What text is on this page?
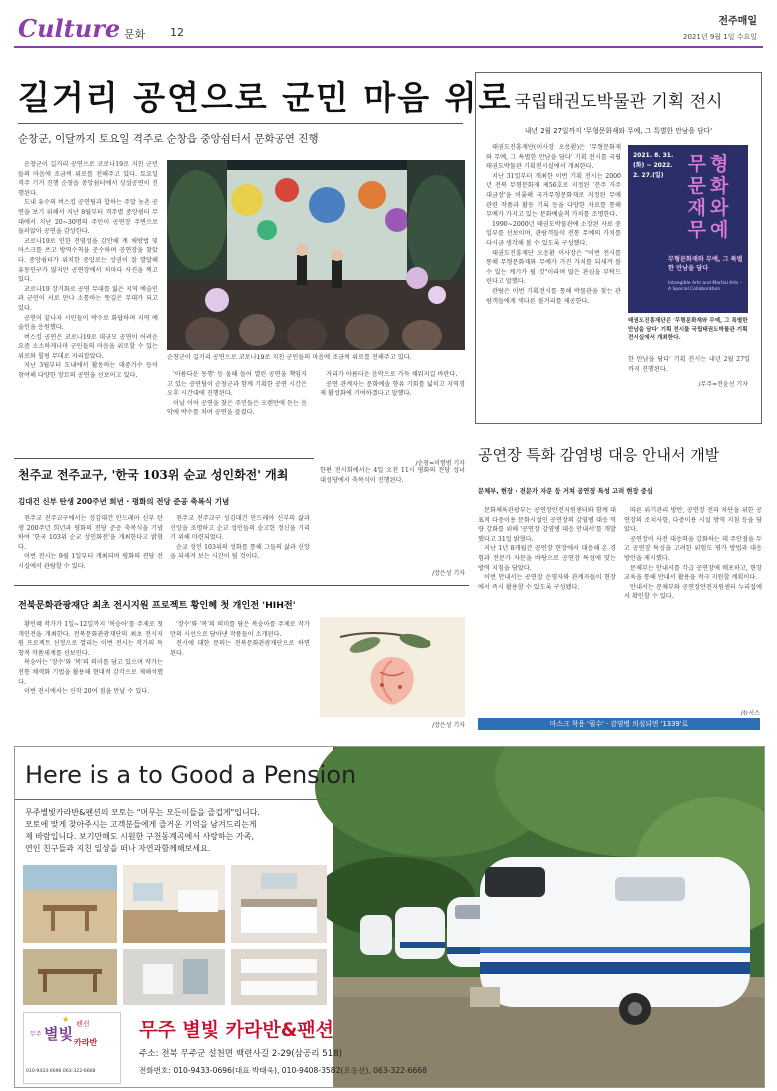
Culture 문화 12
전주매일
2021년 9월 1일 수요일
길거리 공연으로 군민 마음 위로
순창군, 이달까지 토요일 격주로 순창읍 중앙쉼터서 문화공연 진행

순창군이 길거리 공연으로 코로나19로 지친 군민들의 마음에 조금씩 위로를 전해주고 있다. 토요일 격주 기거 진행 순창읍 중앙쉼터에서 상설공연이 진행된다.

도내 유수의 버스킹 공연팀과 합하는 주말 농촌 공연을 보기 위해서 지난 8월부터 격주별 중앙쉼터 무대에서 지난 20~30명의 주민이 공연장 주변으로 둘러앉아 공연을 감상한다.

코로나19로 인한 전염성을 감안해 계 체방법 및 마스크를 쓰고 방역수칙을 준수하며 공연장을 찾았다. 중앙쉼터가 위치한 중앙로는 상권이 잘 발달해 유동인구가 많지만 공연장에서 처마다 사진을 찍고 있다.

코로나19 장기화로 공연 무대를 잃은 지역 예술인과 군민이 서로 만나 소통하는 뜻깊은 무대가 되고 있다.

공연이 끝나자 시민들이 박수로 화답하며 지역 예술인을 응원했다.

버스킹 공연은 코로나19로 대규모 공연이 어려운 요즘 소소하게나마 군민들의 마음을 위로할 수 있는 위로와 힐링 무대로 자리잡았다.

지난 3월부터 도내에서 활동하는 대중가수 등이 참여해 다양한 장르의 공연을 선보이고 있다.

순창군이 길거리 공연으로 코로나19로 지친 군민들의 마음에 조금씩 위로를 전해주고 있다.

'아름다운 동행' 등 올해 들어 열린 공연을 책임지고 있는 공연팀이 순창군과 함께 기획한 공연 시간은 오후 시간대에 진행된다.

이날 이어 공연을 찾은 주민들은 오랜만에 듣는 음악에 박수를 치며 공연을 즐겼다.

거리가 아름다운 음악으로 가득 채워지길 바란다.

공연 관계자는 문화예술 향유 기회를 넓히고 지역경제 활성화에 기여하겠다고 말했다.

/순창=이형범 기자
국립태권도박물관 기획 전시
내년 2월 27일까지 '무형문화재와 무예, 그 특별한 만남을 담다'

태권도진흥재단(이사장 오응환)은 '무형문화재와 무예, 그 특별한 만남을 담다' 기획 전시를 국립태권도박물관 기획전시실에서 개최한다.

지난 31일부터 개최한 이번 기획 전시는 2000년 전북 무형문화재 제56호로 지정된 '전주 거주 대금장'을 비롯해 국가무형문화재로 지정된 무예 관련 작품과 활동 기록 등을 다양한 자료를 통해 무예가 가지고 있는 문화예술적 가치를 조명한다.

1990~2000년 태권도박물관에 소장된 자료 중 일부를 선보이며, 관람객들이 전통 무예의 가치를 다시금 생각해 볼 수 있도록 구성했다.

태권도진흥재단 오응환 이사장은 "이번 전시를 통해 무형문화재와 무예가 가진 가치를 되새겨 볼 수 있는 계기가 될 것"이라며 많은 관심을 부탁드린다고 말했다.

관람은 이번 기획전시를 통해 박물관을 찾는 관람객들에게 색다른 볼거리를 제공한다.

2021. 8. 31.(화) ~ 2022. 2. 27.(일)
무형
문화
재와
무예
무형문화재와 무예, 그 특별한 만남을 담다
Intangible Arts and Martial Arts – A Special Collaboration
태권도진흥재단은 '무형문화재와 무예, 그 특별한 만남을 담다' 기획 전시를 국립태권도박물관 기획전시실에서 개최한다.
한 만남을 담다' 기획 전시는 내년 2월 27일까지 진행된다.
/무주=전윤선 기자
천주교 전주교구, '한국 103위 순교 성인화전' 개최
김대건 신부 탄생 200주년 희년 · 평화의 전당 준공 축복식 기념

천주교 전주교구에서는 성김대건 안드레아 신부 탄생 200주년 희년과 평화의 전당 준공 축복식을 기념하여 '한국 103위 순교 성인화전'을 개최한다고 밝혔다.

이번 전시는 9월 1일부터 개최되며 평화의 전당 전시실에서 관람할 수 있다.

천주교 전주교구 성김대건 안드레아 신부의 삶과 신앙을 조명하고 순교 성인들의 숭고한 정신을 기리기 위해 마련되었다.

순교 성인 103위의 성화를 통해 그들의 삶과 신앙을 되새겨 보는 시간이 될 것이다.

한편 전시회에서는 4일 오전 11시 평화의 전당 성녀 대성당에서 축복식이 진행된다.
/장은성 기자
전북문화관광재단 최초 전시지원 프로젝트 황인혜 첫 개인전 'HIH전'

황인혜 작가가 1일~12일까지 '복숭아'를 주제로 첫 개인전을 개최한다. 전북문화관광재단의 최초 전시지원 프로젝트 선정으로 열리는 이번 전시는 작가의 독창적 작품세계를 선보인다.

복숭아는 '장수'와 '복'의 의미를 담고 있으며 작가는 전통 채색화 기법을 활용해 현대적 감각으로 재해석했다.

이번 전시에서는 신작 20여 점을 만날 수 있다.

'장수'와 '복'의 의미를 담은 복숭아를 주제로 작가만의 시선으로 담아낸 작품들이 소개된다.

전시에 대한 문의는 전북문화관광재단으로 하면 된다.

/장은성 기자
공연장 특화 감염병 대응 안내서 개발
문체부, 현장 · 전문가 자문 등 거쳐 공연장 특성 고려 현장 중심

문화체육관광부는 공연장안전지원센터와 함께 대표적 다중이용 문화시설인 공연장의 감염병 대응 역량 강화를 위해 '공연장 감염병 대응 안내서'를 개발했다고 31일 밝혔다.

지난 1년 8개월간 공연장 현장에서 대응해 온 경험과 전문가 자문을 바탕으로 공연장 특성에 맞는 방역 지침을 담았다.

이번 안내서는 공연장 운영자와 관계자들이 현장에서 즉시 활용할 수 있도록 구성됐다.

따른 위기관리 방안, 공연장 전파 차단을 위한 공연장의 조치사항, 다중이용 시설 방역 지침 등을 담았다.

공연장이 사전 대응력을 강화하는 데 주안점을 두고 공연장 특성을 고려한 위험도 평가 방법과 대응 방안을 제시했다.

문체부는 안내서를 각급 공연장에 배포하고, 현장 교육을 통해 안내서 활용을 적극 지원할 계획이다.

안내서는 문체부와 공연장안전지원센터 누리집에서 확인할 수 있다.

/뉴시스
마스크 착용 '필수' · 감염병 의심되면 '1339'로
Here is a to Good a Pension
무주별빛카라반&펜션의 모토는 "머무는 모든이들을 즐겁게"입니다.
모토에 맞게 찾아주시는 고객분들에게 즐거운 기억을 남겨드리는게
제 바람입니다. 보기만해도 시원한 구천동계곡에서 사랑하는 가족,
연인 친구들과 지친 일상을 떠나 자연과함께해보세요.
무주 별빛 카라반
펜션
★
010-9433-0696 063-322-6668
무주 별빛 카라반&팬션
주소: 전북 무주군 설천면 백련사길 2-29(삼공리 518)
전화번호: 010-9433-0696(대표 박태욱), 010-9408-3582(오응선), 063-322-6668
